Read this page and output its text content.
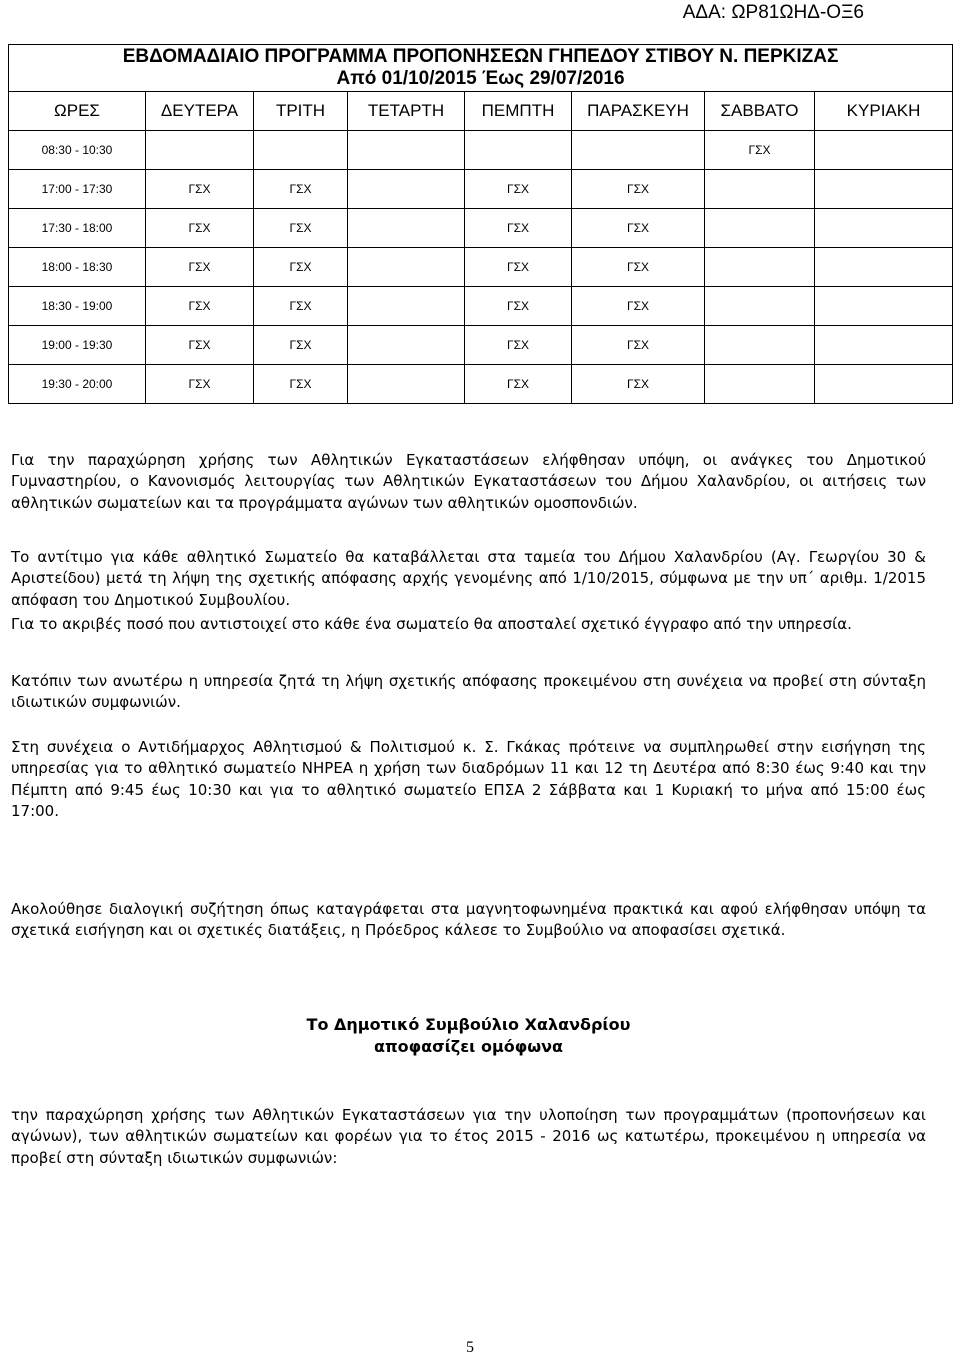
ΑΔΑ: ΩΡ81ΩΗΔ-ΟΞ6
ΕΒΔΟΜΑΔΙΑΙΟ ΠΡΟΓΡΑΜΜΑ ΠΡΟΠΟΝΗΣΕΩΝ ΓΗΠΕΔΟΥ ΣΤΙΒΟΥ Ν. ΠΕΡΚΙΖΑΣ
Από 01/10/2015 Έως 29/07/2016							

ΩΡΕΣ	ΔΕΥΤΕΡΑ	ΤΡΙΤΗ	ΤΕΤΑΡΤΗ	ΠΕΜΠΤΗ	ΠΑΡΑΣΚΕΥΗ	ΣΑΒΒΑΤΟ	ΚΥΡΙΑΚΗ
08:30 - 10:30						ΓΣΧ	
17:00 - 17:30	ΓΣΧ	ΓΣΧ		ΓΣΧ	ΓΣΧ		
17:30 - 18:00	ΓΣΧ	ΓΣΧ		ΓΣΧ	ΓΣΧ		
18:00 - 18:30	ΓΣΧ	ΓΣΧ		ΓΣΧ	ΓΣΧ		
18:30 - 19:00	ΓΣΧ	ΓΣΧ		ΓΣΧ	ΓΣΧ		
19:00 - 19:30	ΓΣΧ	ΓΣΧ		ΓΣΧ	ΓΣΧ		
19:30 - 20:00	ΓΣΧ	ΓΣΧ		ΓΣΧ	ΓΣΧ		

Για την παραχώρηση χρήσης των Αθλητικών Εγκαταστάσεων ελήφθησαν υπόψη, οι ανάγκες του Δημοτικού Γυμναστηρίου, ο Κανονισμός λειτουργίας των Αθλητικών Εγκαταστάσεων του Δήμου Χαλανδρίου, οι αιτήσεις των αθλητικών σωματείων και τα προγράμματα αγώνων των αθλητικών ομοσπονδιών.

Το αντίτιμο για κάθε αθλητικό Σωματείο θα καταβάλλεται στα ταμεία του Δήμου Χαλανδρίου (Αγ. Γεωργίου 30 & Αριστείδου) μετά τη λήψη της σχετικής απόφασης αρχής γενομένης από 1/10/2015, σύμφωνα με την υπ΄ αριθμ. 1/2015 απόφαση του Δημοτικού Συμβουλίου.

Για το ακριβές ποσό που αντιστοιχεί στο κάθε ένα σωματείο θα αποσταλεί σχετικό έγγραφο από την υπηρεσία.

Κατόπιν των ανωτέρω η υπηρεσία ζητά τη λήψη σχετικής απόφασης προκειμένου στη συνέχεια να προβεί στη σύνταξη ιδιωτικών συμφωνιών.

Στη συνέχεια ο Αντιδήμαρχος Αθλητισμού & Πολιτισμού κ. Σ. Γκάκας πρότεινε να συμπληρωθεί στην εισήγηση της υπηρεσίας για το αθλητικό σωματείο ΝΗΡΕΑ η χρήση των διαδρόμων 11 και 12 τη Δευτέρα από 8:30 έως 9:40 και την Πέμπτη από 9:45 έως 10:30 και για το αθλητικό σωματείο ΕΠΣΑ 2 Σάββατα και 1 Κυριακή το μήνα από 15:00 έως 17:00.

Ακολούθησε διαλογική συζήτηση όπως καταγράφεται στα μαγνητοφωνημένα πρακτικά και αφού ελήφθησαν υπόψη τα σχετικά εισήγηση και οι σχετικές διατάξεις, η Πρόεδρος κάλεσε το Συμβούλιο να αποφασίσει σχετικά.

Το Δημοτικό Συμβούλιο Χαλανδρίου
αποφασίζει ομόφωνα

την παραχώρηση χρήσης των Αθλητικών Εγκαταστάσεων για την υλοποίηση των προγραμμάτων (προπονήσεων και αγώνων), των αθλητικών σωματείων και φορέων για το έτος 2015 - 2016 ως κατωτέρω, προκειμένου η υπηρεσία να προβεί στη σύνταξη ιδιωτικών συμφωνιών:

5
